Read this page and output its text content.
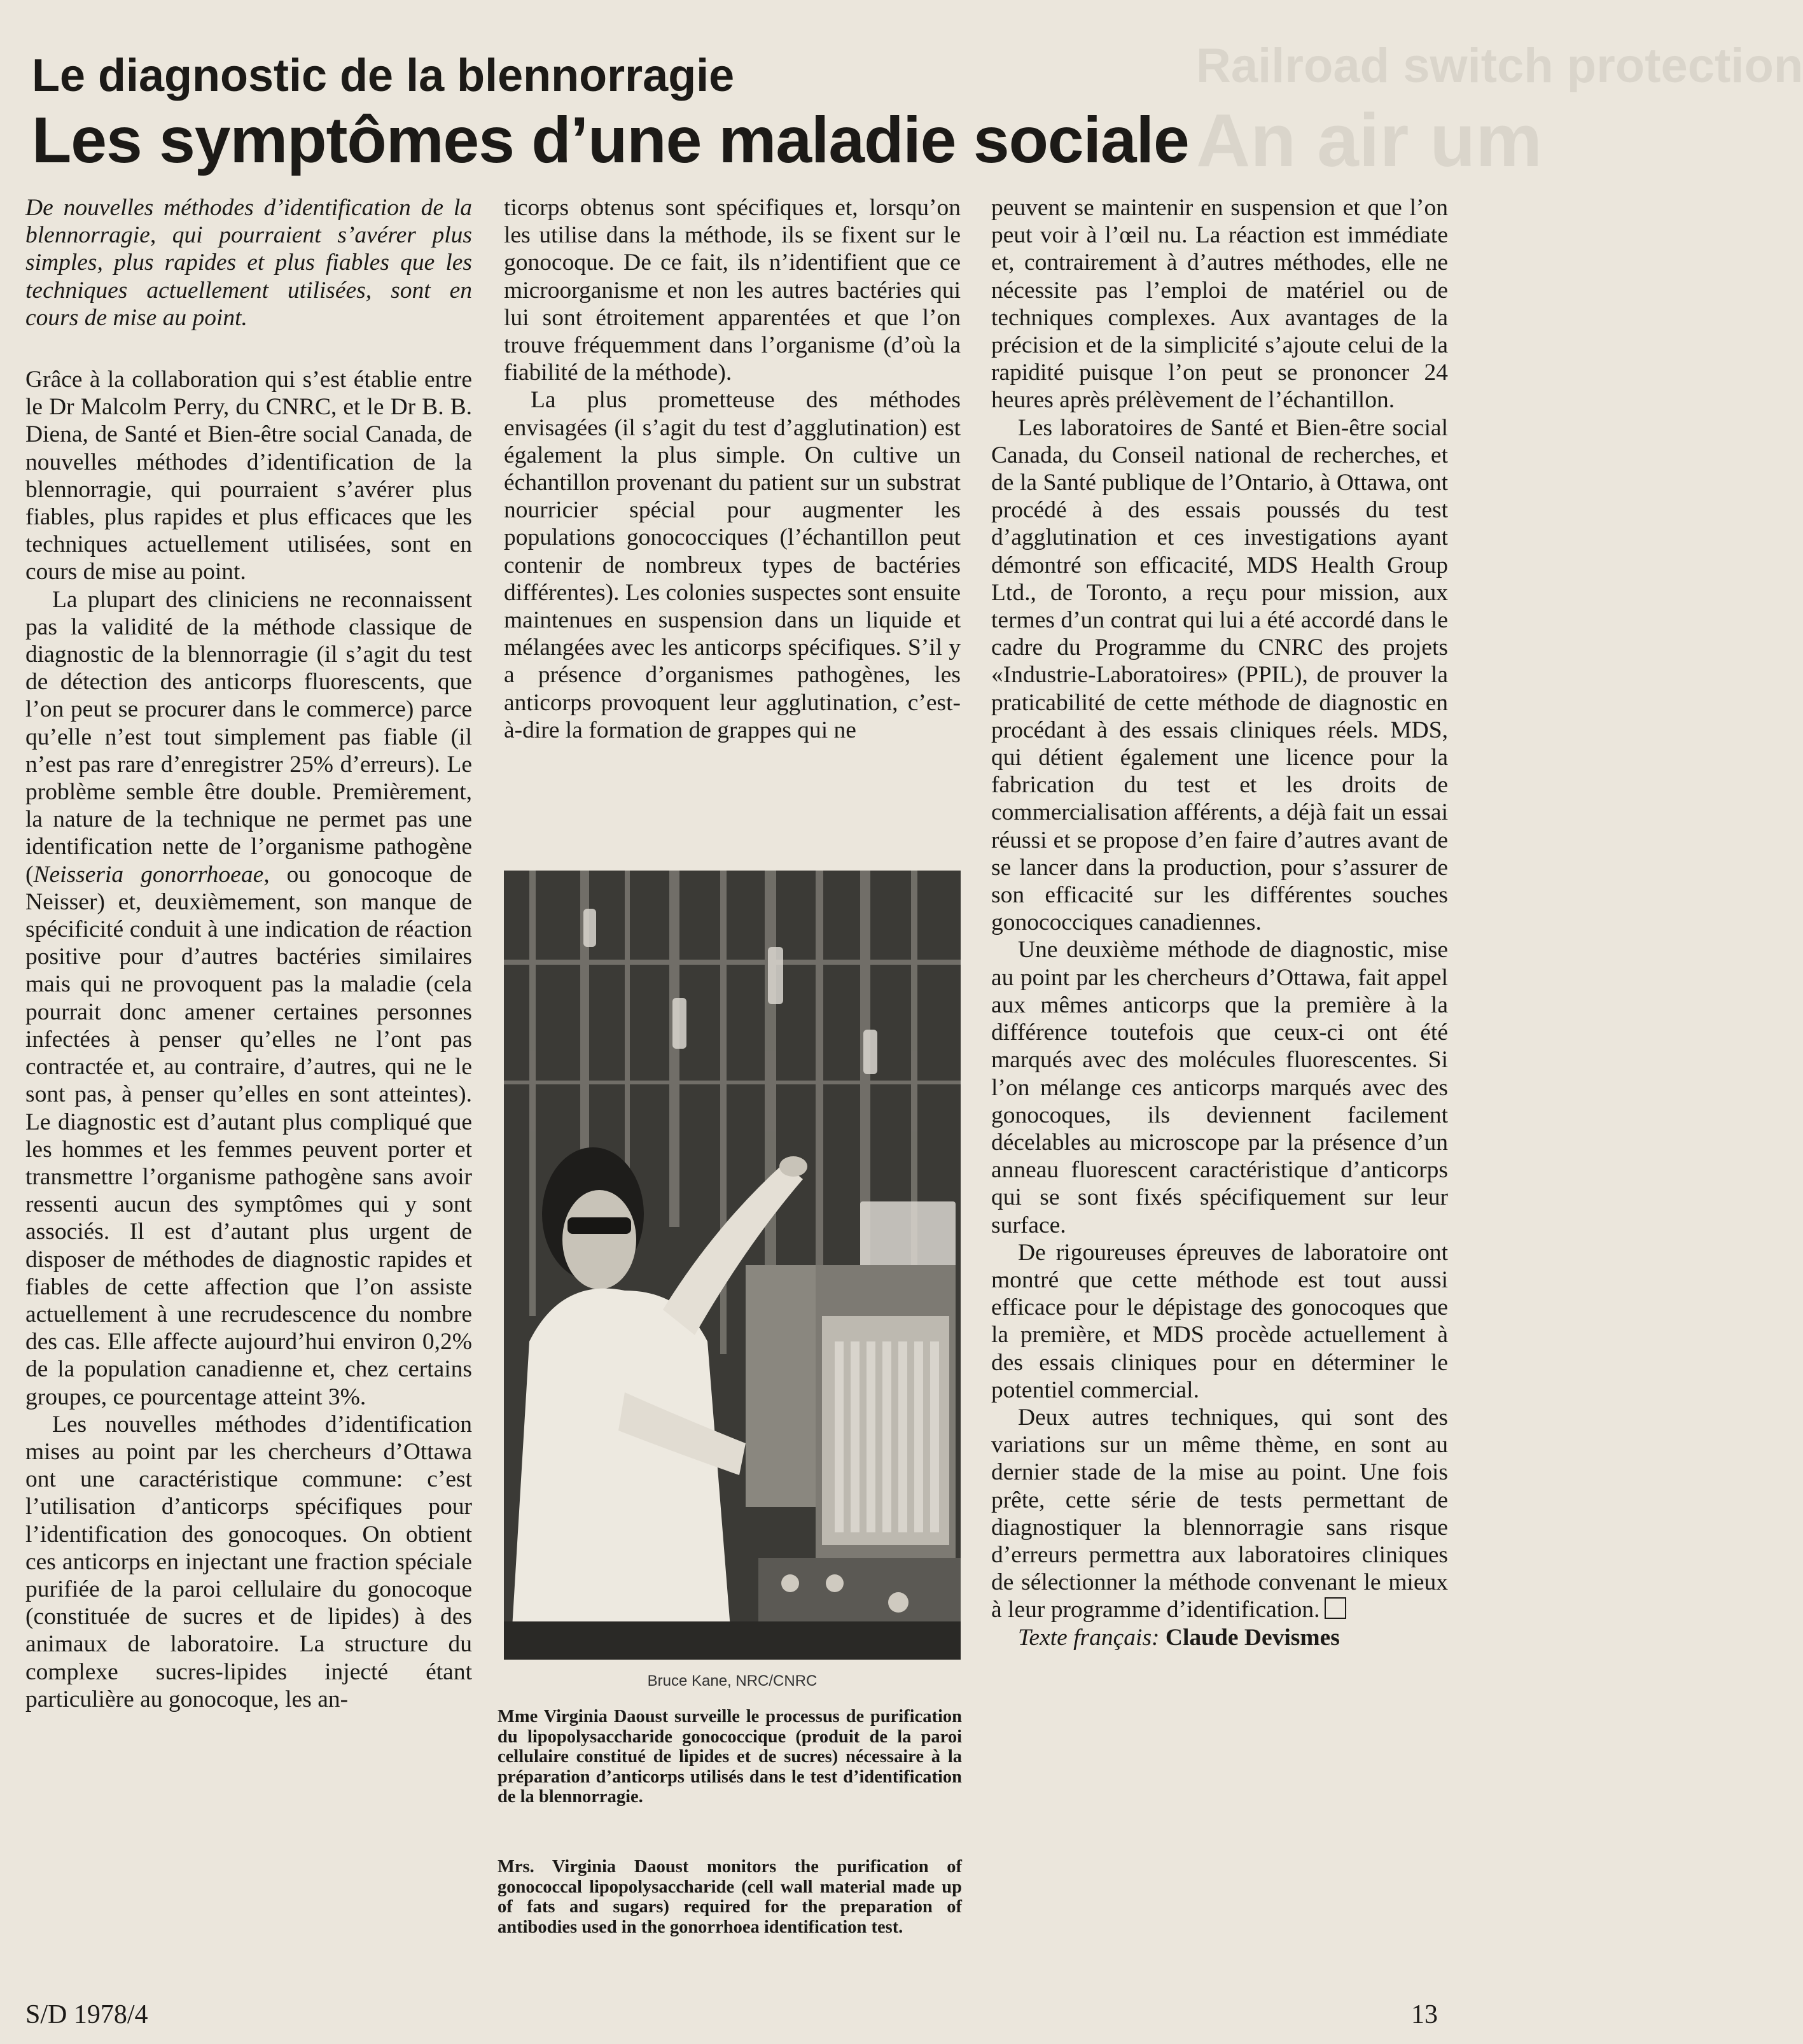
Railroad switch protection
An air um
Le diagnostic de la blennorragie
Les symptômes d’une maladie sociale

De nouvelles méthodes d’identification de la blennorragie, qui pourraient s’avérer plus simples, plus rapides et plus fiables que les techniques actuellement utilisées, sont en cours de mise au point.

Grâce à la collaboration qui s’est établie entre le Dr Malcolm Perry, du CNRC, et le Dr B. B. Diena, de Santé et Bien-être social Canada, de nouvelles méthodes d’identification de la blennorragie, qui pourraient s’avérer plus fiables, plus rapides et plus efficaces que les techniques actuellement utilisées, sont en cours de mise au point.

La plupart des cliniciens ne reconnaissent pas la validité de la méthode classique de diagnostic de la blennorragie (il s’agit du test de détection des anticorps fluorescents, que l’on peut se procurer dans le commerce) parce qu’elle n’est tout simplement pas fiable (il n’est pas rare d’enregistrer 25% d’erreurs). Le problème semble être double. Premièrement, la nature de la technique ne permet pas une identification nette de l’organisme pathogène (Neisseria gonorrhoeae, ou gonocoque de Neisser) et, deuxièmement, son manque de spécificité conduit à une indication de réaction positive pour d’autres bactéries similaires mais qui ne provoquent pas la maladie (cela pourrait donc amener certaines personnes infectées à penser qu’elles ne l’ont pas contractée et, au contraire, d’autres, qui ne le sont pas, à penser qu’elles en sont atteintes). Le diagnostic est d’autant plus compliqué que les hommes et les femmes peuvent porter et transmettre l’organisme pathogène sans avoir ressenti aucun des symptômes qui y sont associés. Il est d’autant plus urgent de disposer de méthodes de diagnostic rapides et fiables de cette affection que l’on assiste actuellement à une recrudescence du nombre des cas. Elle affecte aujourd’hui environ 0,2% de la population canadienne et, chez certains groupes, ce pourcentage atteint 3%.

Les nouvelles méthodes d’identification mises au point par les chercheurs d’Ottawa ont une caractéristique commune: c’est l’utilisation d’anticorps spécifiques pour l’identification des gonocoques. On obtient ces anticorps en injectant une fraction spéciale purifiée de la paroi cellulaire du gonocoque (constituée de sucres et de lipides) à des animaux de laboratoire. La structure du complexe sucres-lipides injecté étant particulière au gonocoque, les an-

ticorps obtenus sont spécifiques et, lorsqu’on les utilise dans la méthode, ils se fixent sur le gonocoque. De ce fait, ils n’identifient que ce microorganisme et non les autres bactéries qui lui sont étroitement apparentées et que l’on trouve fréquemment dans l’organisme (d’où la fiabilité de la méthode).

La plus prometteuse des méthodes envisagées (il s’agit du test d’agglutination) est également la plus simple. On cultive un échantillon provenant du patient sur un substrat nourricier spécial pour augmenter les populations gonococciques (l’échantillon peut contenir de nombreux types de bactéries différentes). Les colonies suspectes sont ensuite maintenues en suspension dans un liquide et mélangées avec les anticorps spécifiques. S’il y a présence d’organismes pathogènes, les anticorps provoquent leur agglutination, c’est-à-dire la formation de grappes qui ne

Bruce Kane, NRC/CNRC
Mme Virginia Daoust surveille le processus de purification du lipopolysaccharide gonococcique (produit de la paroi cellulaire constitué de lipides et de sucres) nécessaire à la préparation d’anticorps utilisés dans le test d’identification de la blennorragie.
Mrs. Virginia Daoust monitors the purification of gonococcal lipopolysaccharide (cell wall material made up of fats and sugars) required for the preparation of antibodies used in the gonorrhoea identification test.

peuvent se maintenir en suspension et que l’on peut voir à l’œil nu. La réaction est immédiate et, contrairement à d’autres méthodes, elle ne nécessite pas l’emploi de matériel ou de techniques complexes. Aux avantages de la précision et de la simplicité s’ajoute celui de la rapidité puisque l’on peut se prononcer 24 heures après prélèvement de l’échantillon.

Les laboratoires de Santé et Bien-être social Canada, du Conseil national de recherches, et de la Santé publique de l’Ontario, à Ottawa, ont procédé à des essais poussés du test d’agglutination et ces investigations ayant démontré son efficacité, MDS Health Group Ltd., de Toronto, a reçu pour mission, aux termes d’un contrat qui lui a été accordé dans le cadre du Programme du CNRC des projets «Industrie-Laboratoires» (PPIL), de prouver la praticabilité de cette méthode de diagnostic en procédant à des essais cliniques réels. MDS, qui détient également une licence pour la fabrication du test et les droits de commercialisation afférents, a déjà fait un essai réussi et se propose d’en faire d’autres avant de se lancer dans la production, pour s’assurer de son efficacité sur les différentes souches gonococciques canadiennes.

Une deuxième méthode de diagnostic, mise au point par les chercheurs d’Ottawa, fait appel aux mêmes anticorps que la première à la différence toutefois que ceux-ci ont été marqués avec des molécules fluorescentes. Si l’on mélange ces anticorps marqués avec des gonocoques, ils deviennent facilement décelables au microscope par la présence d’un anneau fluorescent caractéristique d’anticorps qui se sont fixés spécifiquement sur leur surface.

De rigoureuses épreuves de laboratoire ont montré que cette méthode est tout aussi efficace pour le dépistage des gonocoques que la première, et MDS procède actuellement à des essais cliniques pour en déterminer le potentiel commercial.

Deux autres techniques, qui sont des variations sur un même thème, en sont au dernier stade de la mise au point. Une fois prête, cette série de tests permettant de diagnostiquer la blennorragie sans risque d’erreurs permettra aux laboratoires cliniques de sélectionner la méthode convenant le mieux à leur programme d’identification.

Texte français: Claude Devismes

S/D 1978/4	13
